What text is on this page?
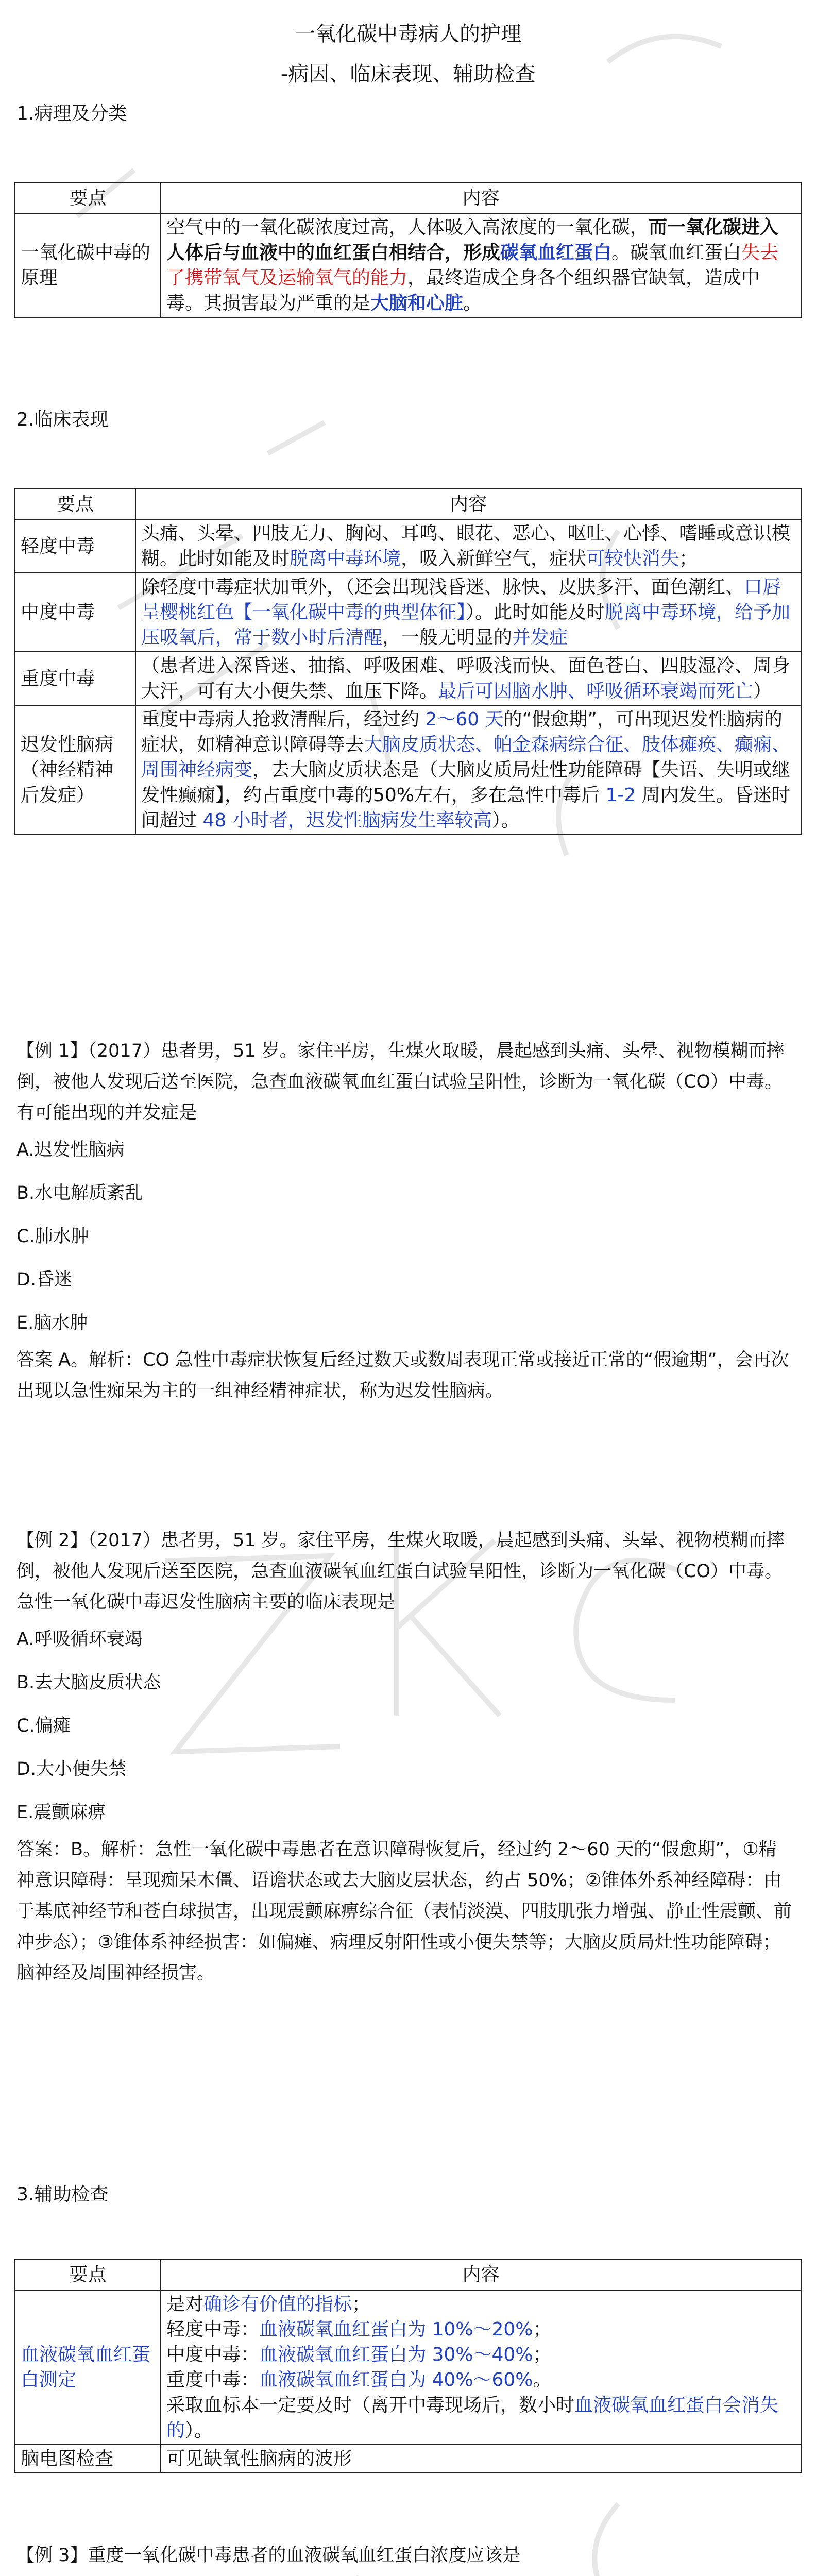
一氧化碳中毒病人的护理
-病因、临床表现、辅助检查
1.病理及分类
要点	内容
一氧化碳中毒的原理	空气中的一氧化碳浓度过高，人体吸入高浓度的一氧化碳，而一氧化碳进入人体后与血液中的血红蛋白相结合，形成碳氧血红蛋白。碳氧血红蛋白失去了携带氧气及运输氧气的能力，最终造成全身各个组织器官缺氧，造成中毒。其损害最为严重的是大脑和心脏。
2.临床表现
要点	内容
轻度中毒	头痛、头晕、四肢无力、胸闷、耳鸣、眼花、恶心、呕吐、心悸、嗜睡或意识模糊。此时如能及时脱离中毒环境，吸入新鲜空气，症状可较快消失；
中度中毒	除轻度中毒症状加重外，（还会出现浅昏迷、脉快、皮肤多汗、面色潮红、口唇呈樱桃红色【一氧化碳中毒的典型体征】）。此时如能及时脱离中毒环境，给予加压吸氧后，常于数小时后清醒，一般无明显的并发症
重度中毒	（患者进入深昏迷、抽搐、呼吸困难、呼吸浅而快、面色苍白、四肢湿冷、周身大汗，可有大小便失禁、血压下降。最后可因脑水肿、呼吸循环衰竭而死亡）
迟发性脑病（神经精神后发症）	重度中毒病人抢救清醒后，经过约 2～60 天的“假愈期”，可出现迟发性脑病的症状，如精神意识障碍等去大脑皮质状态、帕金森病综合征、肢体瘫痪、癫痫、周围神经病变，去大脑皮质状态是（大脑皮质局灶性功能障碍【失语、失明或继发性癫痫】，约占重度中毒的50%左右，多在急性中毒后 1-2 周内发生。昏迷时间超过 48 小时者，迟发性脑病发生率较高）。

【例 1】（2017）患者男，51 岁。家住平房，生煤火取暖，晨起感到头痛、头晕、视物模糊而摔倒，被他人发现后送至医院，急查血液碳氧血红蛋白试验呈阳性，诊断为一氧化碳（CO）中毒。有可能出现的并发症是

A.迟发性脑病

B.水电解质紊乱

C.肺水肿

D.昏迷

E.脑水肿

答案 A。解析：CO 急性中毒症状恢复后经过数天或数周表现正常或接近正常的“假逾期”，会再次出现以急性痴呆为主的一组神经精神症状，称为迟发性脑病。

【例 2】（2017）患者男，51 岁。家住平房，生煤火取暖，晨起感到头痛、头晕、视物模糊而摔倒，被他人发现后送至医院，急查血液碳氧血红蛋白试验呈阳性，诊断为一氧化碳（CO）中毒。急性一氧化碳中毒迟发性脑病主要的临床表现是

A.呼吸循环衰竭

B.去大脑皮质状态

C.偏瘫

D.大小便失禁

E.震颤麻痹

答案：B。解析：急性一氧化碳中毒患者在意识障碍恢复后，经过约 2～60 天的“假愈期”，①精神意识障碍：呈现痴呆木僵、语谵状态或去大脑皮层状态，约占 50%；②锥体外系神经障碍：由于基底神经节和苍白球损害，出现震颤麻痹综合征（表情淡漠、四肢肌张力增强、静止性震颤、前冲步态）；③锥体系神经损害：如偏瘫、病理反射阳性或小便失禁等；大脑皮质局灶性功能障碍；脑神经及周围神经损害。

3.辅助检查
要点	内容
血液碳氧血红蛋白测定	是对确诊有价值的指标；
轻度中毒：血液碳氧血红蛋白为 10%～20%；
中度中毒：血液碳氧血红蛋白为 30%～40%；
重度中毒：血液碳氧血红蛋白为 40%～60%。
采取血标本一定要及时（离开中毒现场后，数小时血液碳氧血红蛋白会消失的）。

脑电图检查	可见缺氧性脑病的波形

【例 3】重度一氧化碳中毒患者的血液碳氧血红蛋白浓度应该是
